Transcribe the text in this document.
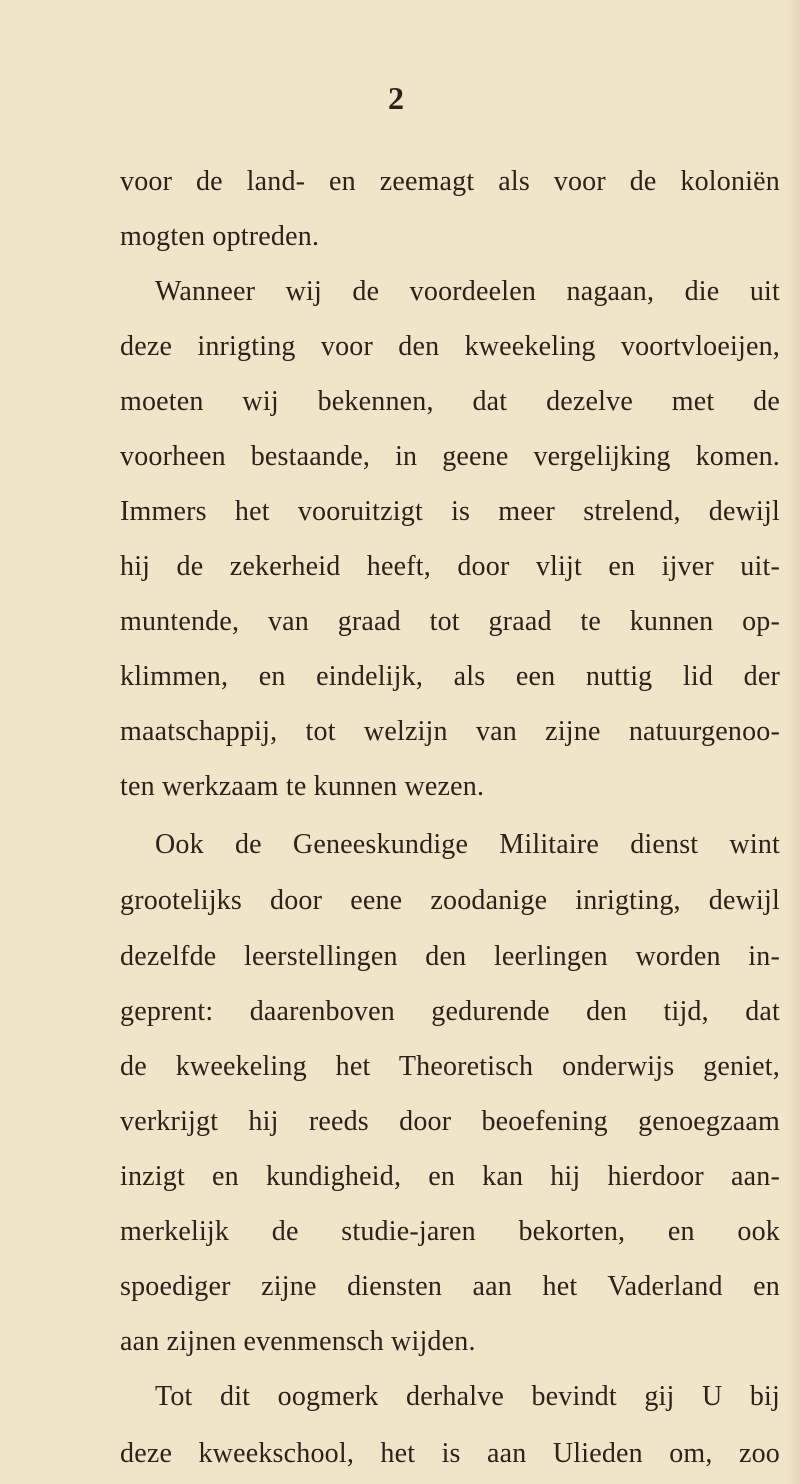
2
voor de land- en zeemagt als voor de koloniën
mogten optreden.
Wanneer wij de voordeelen nagaan, die uit
deze inrigting voor den kweekeling voortvloeijen,
moeten wij bekennen, dat dezelve met de
voorheen bestaande, in geene vergelijking komen.
Immers het vooruitzigt is meer strelend, dewijl
hij de zekerheid heeft, door vlijt en ijver uit-
muntende, van graad tot graad te kunnen op-
klimmen, en eindelijk, als een nuttig lid der
maatschappij, tot welzijn van zijne natuurgenoo-
ten werkzaam te kunnen wezen.
Ook de Geneeskundige Militaire dienst wint
grootelijks door eene zoodanige inrigting, dewijl
dezelfde leerstellingen den leerlingen worden in-
geprent: daarenboven gedurende den tijd, dat
de kweekeling het Theoretisch onderwijs geniet,
verkrijgt hij reeds door beoefening genoegzaam
inzigt en kundigheid, en kan hij hierdoor aan-
merkelijk de studie-jaren bekorten, en ook
spoediger zijne diensten aan het Vaderland en
aan zijnen evenmensch wijden.
Tot dit oogmerk derhalve bevindt gij U bij
deze kweekschool, het is aan Ulieden om, zoo
